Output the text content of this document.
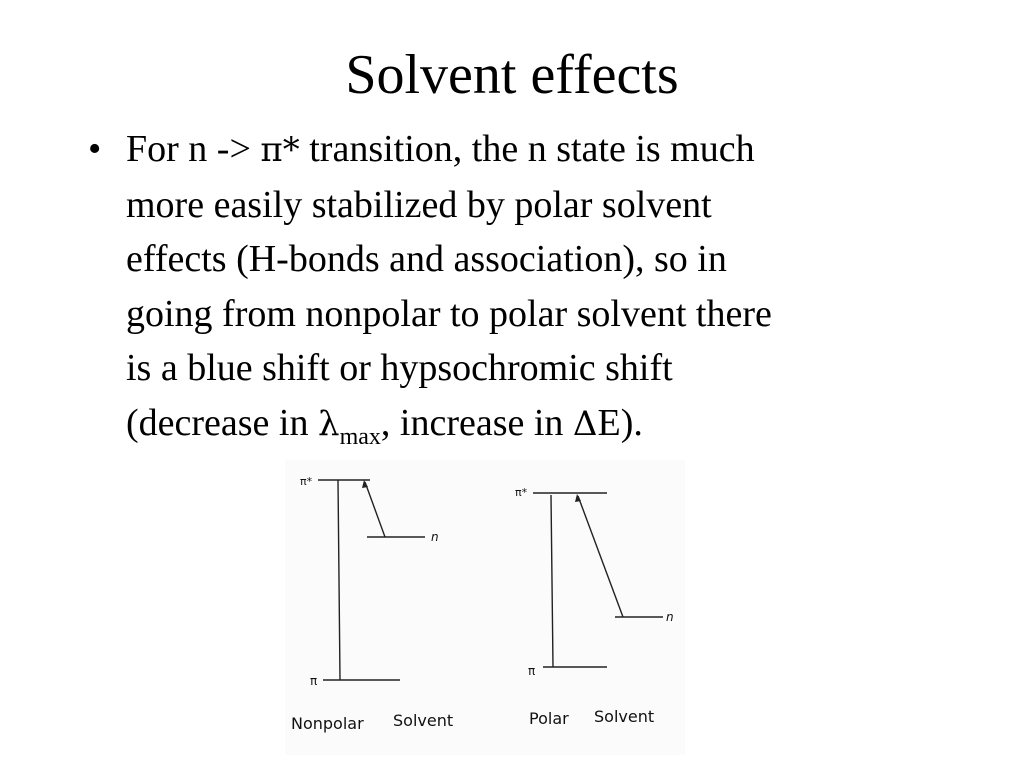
Solvent effects
• For n -> π* transition, the n state is much
more easily stabilized by polar solvent
effects (H-bonds and association), so in
going from nonpolar to polar solvent there
is a blue shift or hypsochromic shift
(decrease in $\lambda_{max}$, increase in ΔE).
π*
n
π
π*
n
π
Nonpolar Solvent	Polar Solvent
